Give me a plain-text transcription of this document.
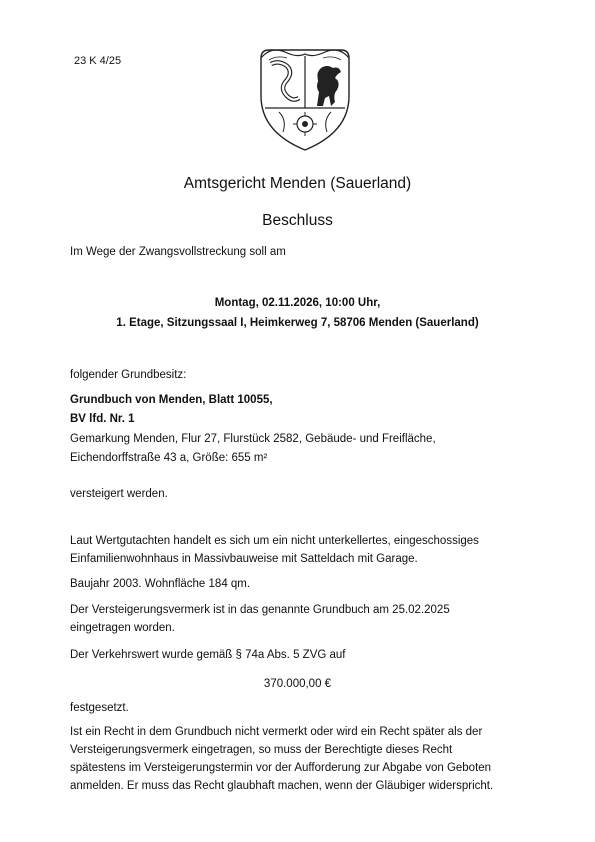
23 K 4/25
Amtsgericht Menden (Sauerland)
Beschluss
Im Wege der Zwangsvollstreckung soll am
Montag, 02.11.2026, 10:00 Uhr,
1. Etage, Sitzungssaal I, Heimkerweg 7, 58706 Menden (Sauerland)
folgender Grundbesitz:
Grundbuch von Menden, Blatt 10055,
BV lfd. Nr. 1
Gemarkung Menden, Flur 27, Flurstück 2582, Gebäude- und Freifläche,
Eichendorffstraße 43 a, Größe: 655 m²
versteigert werden.
Laut Wertgutachten handelt es sich um ein nicht unterkellertes, eingeschossiges
Einfamilienwohnhaus in Massivbauweise mit Satteldach mit Garage.
Baujahr 2003. Wohnfläche 184 qm.
Der Versteigerungsvermerk ist in das genannte Grundbuch am 25.02.2025
eingetragen worden.
Der Verkehrswert wurde gemäß § 74a Abs. 5 ZVG auf
370.000,00 €
festgesetzt.
Ist ein Recht in dem Grundbuch nicht vermerkt oder wird ein Recht später als der
Versteigerungsvermerk eingetragen, so muss der Berechtigte dieses Recht
spätestens im Versteigerungstermin vor der Aufforderung zur Abgabe von Geboten
anmelden. Er muss das Recht glaubhaft machen, wenn der Gläubiger widerspricht.
